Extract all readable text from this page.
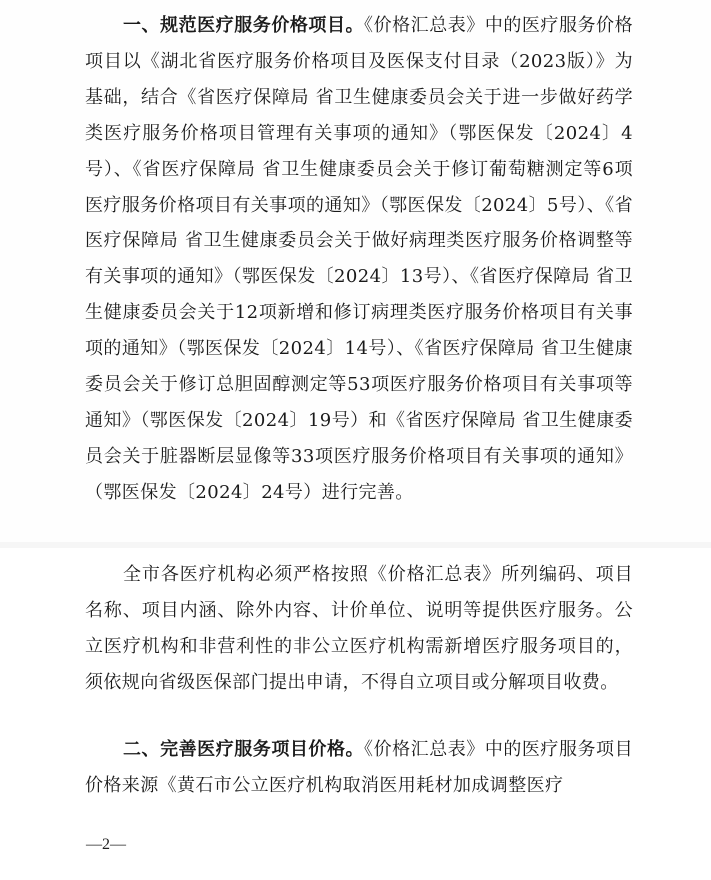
一、规范医疗服务价格项目。《价格汇总表》中的医疗服务价格项目以《湖北省医疗服务价格项目及医保支付目录（2023版）》为基础，结合《省医疗保障局 省卫生健康委员会关于进一步做好药学类医疗服务价格项目管理有关事项的通知》（鄂医保发〔2024〕4号）、《省医疗保障局 省卫生健康委员会关于修订葡萄糖测定等6项医疗服务价格项目有关事项的通知》（鄂医保发〔2024〕5号）、《省医疗保障局 省卫生健康委员会关于做好病理类医疗服务价格调整等有关事项的通知》（鄂医保发〔2024〕13号）、《省医疗保障局 省卫生健康委员会关于12项新增和修订病理类医疗服务价格项目有关事项的通知》（鄂医保发〔2024〕14号）、《省医疗保障局 省卫生健康委员会关于修订总胆固醇测定等53项医疗服务价格项目有关事项等通知》（鄂医保发〔2024〕19号）和《省医疗保障局 省卫生健康委员会关于脏器断层显像等33项医疗服务价格项目有关事项的通知》（鄂医保发〔2024〕24号）进行完善。

全市各医疗机构必须严格按照《价格汇总表》所列编码、项目名称、项目内涵、除外内容、计价单位、说明等提供医疗服务。公立医疗机构和非营利性的非公立医疗机构需新增医疗服务项目的，须依规向省级医保部门提出申请，不得自立项目或分解项目收费。

二、完善医疗服务项目价格。《价格汇总表》中的医疗服务项目价格来源《黄石市公立医疗机构取消医用耗材加成调整医疗

—2—
